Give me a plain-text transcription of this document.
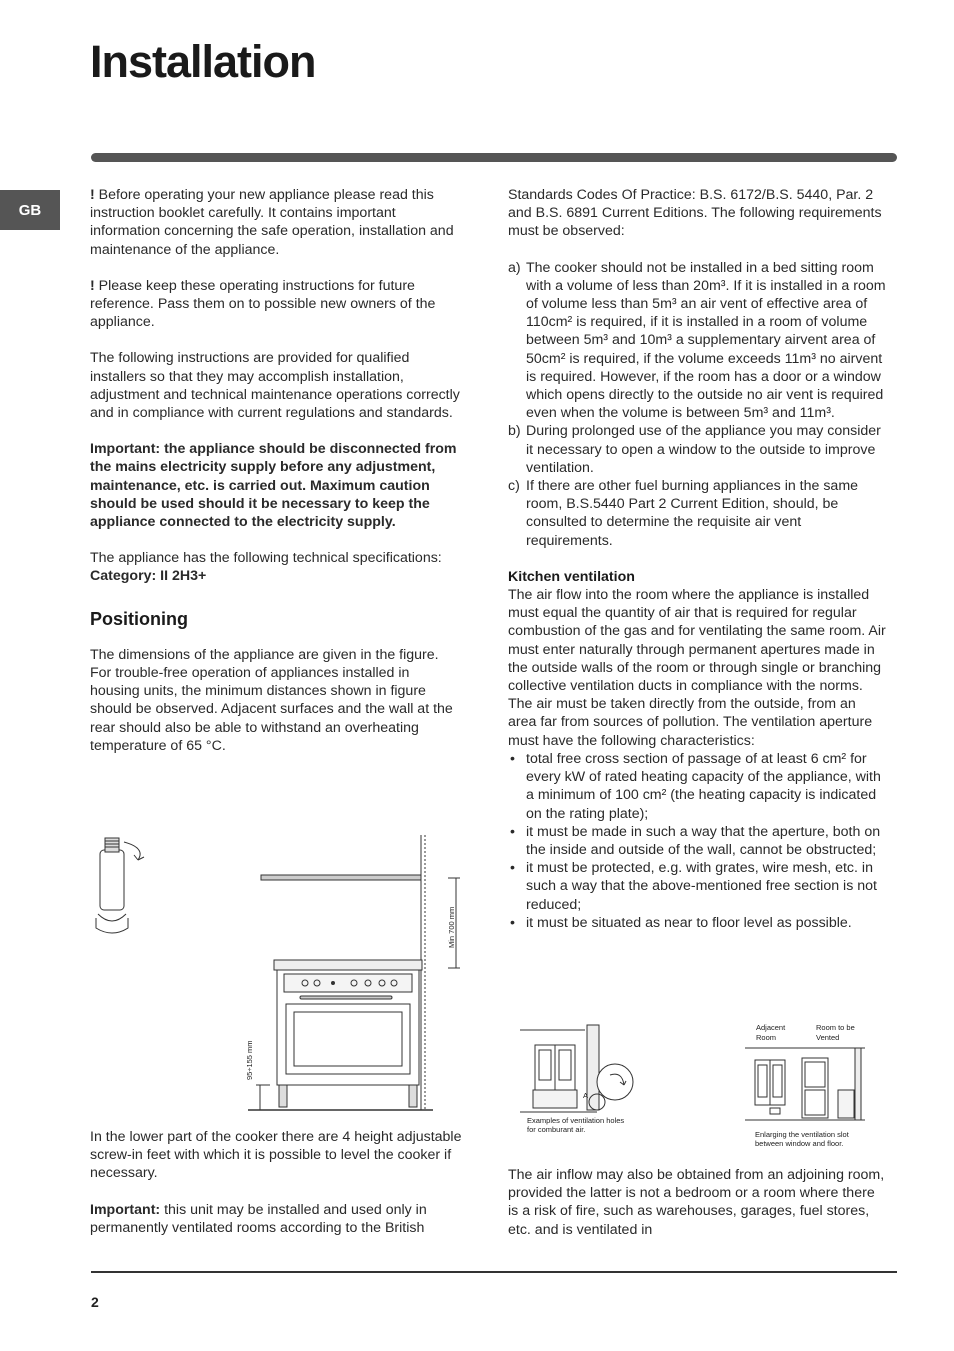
Installation
GB

! Before operating your new appliance please read this instruction booklet carefully. It contains important information concerning the safe operation, installation and maintenance of the appliance.

! Please keep these operating instructions for future reference. Pass them on to possible new owners of the appliance.

The following instructions are provided for qualified installers so that they may accomplish installation, adjustment and technical maintenance operations correctly and in compliance with current regulations and standards.

Important: the appliance should be disconnected from the mains electricity supply before any adjustment, maintenance, etc. is carried out. Maximum caution should be used should it be necessary to keep the appliance connected to the electricity supply.

The appliance has the following technical specifications:

Category: II 2H3+

Positioning

The dimensions of the appliance are given in the figure. For trouble-free operation of appliances installed in housing units, the minimum distances shown in figure should be observed. Adjacent surfaces and the wall at the rear should also be able to withstand an overheating temperature of 65 °C.

Min 700 mm
95÷155 mm

In the lower part of the cooker there are 4 height adjustable screw-in feet with which it is possible to level the cooker if necessary.

Important: this unit may be installed and used only in permanently ventilated rooms according to the British

Standards Codes Of Practice: B.S. 6172/B.S. 5440, Par. 2 and B.S. 6891 Current Editions. The following requirements must be observed:

a) The cooker should not be installed in a bed sitting room with a volume of less than 20m³. If it is installed in a room of volume less than 5m³ an air vent of effective area of 110cm² is required, if it is installed in a room of volume between 5m³ and 10m³ a supplementary airvent area of 50cm² is required, if the volume exceeds 11m³ no airvent is required. However, if the room has a door or a window which opens directly to the outside no air vent is required even when the volume is between 5m³ and 11m³.
b) During prolonged use of the appliance you may consider it necessary to open a window to the outside to improve ventilation.
c) If there are other fuel burning appliances in the same room, B.S.5440 Part 2 Current Edition, should, be consulted to determine the requisite air vent requirements.
Kitchen ventilation

The air flow into the room where the appliance is installed must equal the quantity of air that is required for regular combustion of the gas and for ventilating the same room. Air must enter naturally through permanent apertures made in the outside walls of the room or through single or branching collective ventilation ducts in compliance with the norms. The air must be taken directly from the outside, from an area far from sources of pollution. The ventilation aperture must have the following characteristics:

• total free cross section of passage of at least 6 cm² for every kW of rated heating capacity of the appliance, with a minimum of 100 cm² (the heating capacity is indicated on the rating plate);
• it must be made in such a way that the aperture, both on the inside and outside of the wall, cannot be obstructed;
• it must be protected, e.g. with grates, wire mesh, etc. in such a way that the above-mentioned free section is not reduced;
• it must be situated as near to floor level as possible.
A
Examples of ventilation holes
for comburant air.
Adjacent
Room
Room to be
Vented
Enlarging the ventilation slot
between window and floor.

The air inflow may also be obtained from an adjoining room, provided the latter is not a bedroom or a room where there is a risk of fire, such as warehouses, garages, fuel stores, etc. and is ventilated in

2
